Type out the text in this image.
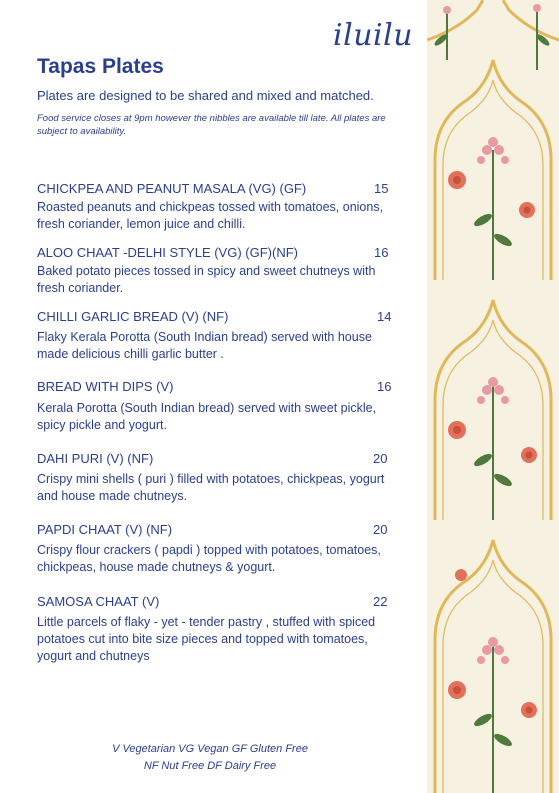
iluilu
Tapas Plates
Plates are designed to be shared and mixed and matched.
Food service closes at 9pm however the nibbles are available till late. All plates are subject to availability.
CHICKPEA AND PEANUT MASALA (VG) (GF)	15
Roasted peanuts and chickpeas tossed with tomatoes, onions, fresh coriander, lemon juice and chilli.
ALOO CHAAT -DELHI STYLE (VG) (GF)(NF)	16
Baked potato pieces tossed in spicy and sweet chutneys with fresh coriander.
CHILLI GARLIC BREAD (V) (NF)	14
Flaky Kerala Porotta (South Indian bread) served with house made delicious chilli garlic butter .
BREAD WITH DIPS (V)	16
Kerala Porotta (South Indian bread) served with sweet pickle, spicy pickle and yogurt.
DAHI PURI (V) (NF)	20
Crispy mini shells ( puri ) filled with potatoes, chickpeas, yogurt and house made chutneys.
PAPDI CHAAT (V) (NF)	20
Crispy flour crackers ( papdi ) topped with potatoes, tomatoes, chickpeas, house made chutneys & yogurt.
SAMOSA CHAAT (V)	22
Little parcels of flaky - yet - tender pastry , stuffed with spiced potatoes cut into bite size pieces and topped with tomatoes, yogurt and chutneys
V Vegetarian VG Vegan GF Gluten Free
NF Nut Free DF Dairy Free
